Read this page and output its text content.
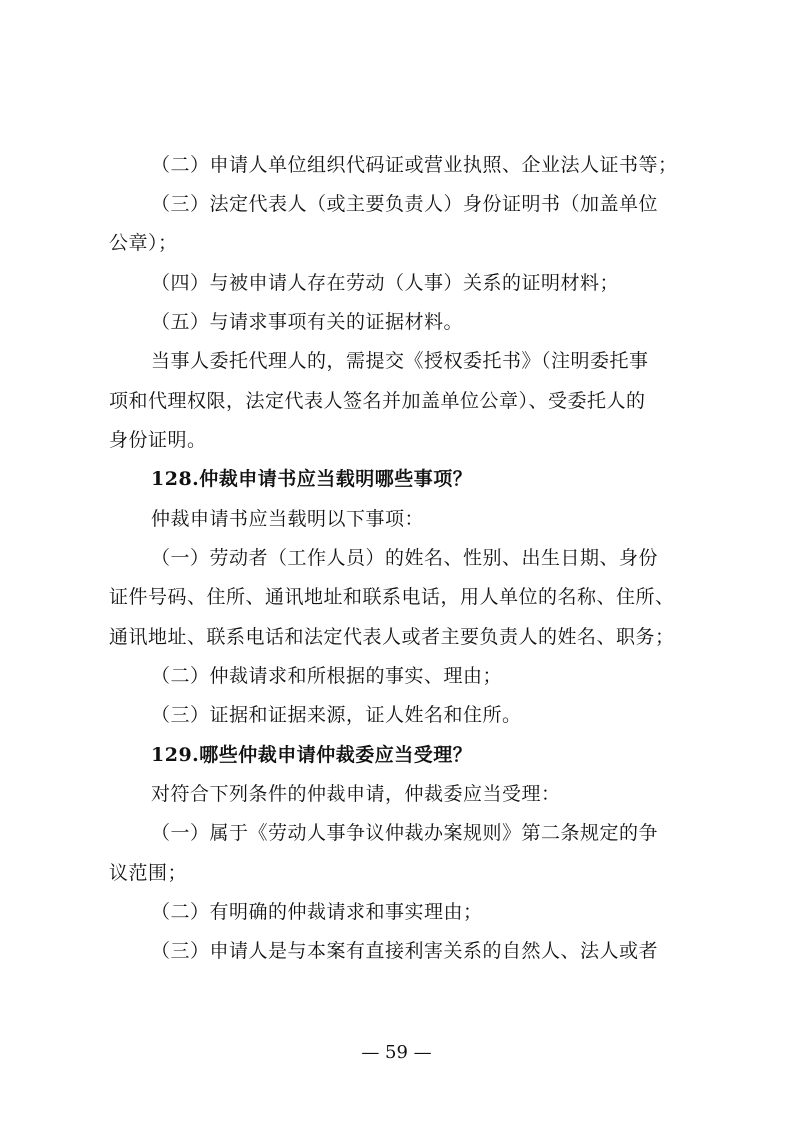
（二）申请人单位组织代码证或营业执照、企业法人证书等；
（三）法定代表人（或主要负责人）身份证明书（加盖单位
公章）；
（四）与被申请人存在劳动（人事）关系的证明材料；
（五）与请求事项有关的证据材料。
当事人委托代理人的，需提交《授权委托书》（注明委托事
项和代理权限，法定代表人签名并加盖单位公章）、受委托人的
身份证明。
128.仲裁申请书应当载明哪些事项？
仲裁申请书应当载明以下事项：
（一）劳动者（工作人员）的姓名、性别、出生日期、身份
证件号码、住所、通讯地址和联系电话，用人单位的名称、住所、
通讯地址、联系电话和法定代表人或者主要负责人的姓名、职务；
（二）仲裁请求和所根据的事实、理由；
（三）证据和证据来源，证人姓名和住所。
129.哪些仲裁申请仲裁委应当受理？
对符合下列条件的仲裁申请，仲裁委应当受理：
（一）属于《劳动人事争议仲裁办案规则》第二条规定的争
议范围；
（二）有明确的仲裁请求和事实理由；
（三）申请人是与本案有直接利害关系的自然人、法人或者
— 59 —
